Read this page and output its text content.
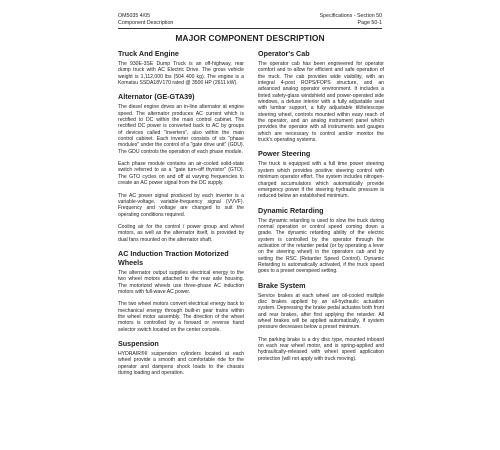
OM5035 4/05
Component Description
Specifications - Section 50
Page 50-1
MAJOR COMPONENT DESCRIPTION
Truck And Engine

The 930E-3SE Dump Truck is an off-highway, rear dump truck with AC Electric Drive. The gross vehicle weight is 1,112,000 lbs (504 400 kg). The engine is a Komatsu SSDA18V170 rated @ 3500 HP (2611 kW).

Alternator (GE-GTA39)

The diesel engine drives an in-line alternator at engine speed. The alternator produces AC current which is rectified to DC within the main control cabinet. The rectified DC power is converted back to AC by groups of devices called "inverters", also within the main control cabinet. Each inverter consists of six "phase modules" under the control of a "gate drive unit" (GDU). The GDU controls the operation of each phase module.

Each phase module contains an air-cooled solid-state switch referred to as a "gate turn-off thyristor" (GTO). The GTO cycles on and off at varying frequencies to create an AC power signal from the DC supply.

The AC power signal produced by each inverter is a variable-voltage, variable-frequency signal (VVVF). Frequency and voltage are changed to suit the operating conditions required.

Cooling air for the control / power group and wheel motors, as well as the alternator itself, is provided by dual fans mounted on the alternator shaft.

AC Induction Traction Motorized Wheels

The alternator output supplies electrical energy to the two wheel motors attached to the rear axle housing. The motorized wheels use three-phase AC induction motors with full-wave AC power.

The two wheel motors convert electrical energy back to mechanical energy through built-in gear trains within the wheel motor assembly. The direction of the wheel motors is controlled by a forward or reverse hand selector switch located on the center console.

Suspension

HYDRAIR®II suspension cylinders located at each wheel provide a smooth and comfortable ride for the operator and dampens shock loads to the chassis during loading and operation.

Operator's Cab

The operator cab has been engineered for operator comfort and to allow for efficient and safe operation of the truck. The cab provides wide visibility, with an integral 4-post ROPS/FOPS structure, and an advanced analog operator environment. It includes a tinted safety-glass windshield and power-operated side windows, a deluxe interior with a fully adjustable seat with lumbar support, a fully adjustable tilt/telescope steering wheel, controls mounted within easy reach of the operator, and an analog instrument panel which provides the operator with all instruments and gauges which are necessary to control and/or monitor the truck's operating systems.

Power Steering

The truck is equipped with a full time power steering system which provides positive steering control with minimum operator effort. The system includes nitrogen-charged accumulators which automatically provide emergency power if the steering hydraulic pressure is reduced below an established minimum.

Dynamic Retarding

The dynamic retarding is used to slow the truck during normal operation or control speed coming down a grade. The dynamic retarding ability of the electric system is controlled by the operator through the activation of the retarder pedal (or by operating a lever on the steering wheel) in the operators cab and by setting the RSC (Retarder Speed Control). Dynamic Retarding is automatically activated, if the truck speed goes to a preset overspeed setting.

Brake System

Service brakes at each wheel are oil-cooled multiple disc brakes applied by an all-hydraulic actuation system. Depressing the brake pedal actuates both front and rear brakes, after first applying the retarder. All wheel brakes will be applied automatically, if system pressure decreases below a preset minimum.

The parking brake is a dry disc type, mounted inboard on each rear wheel motor, and is spring-applied and hydraulically-released with wheel speed application protection (will not apply with truck moving).
